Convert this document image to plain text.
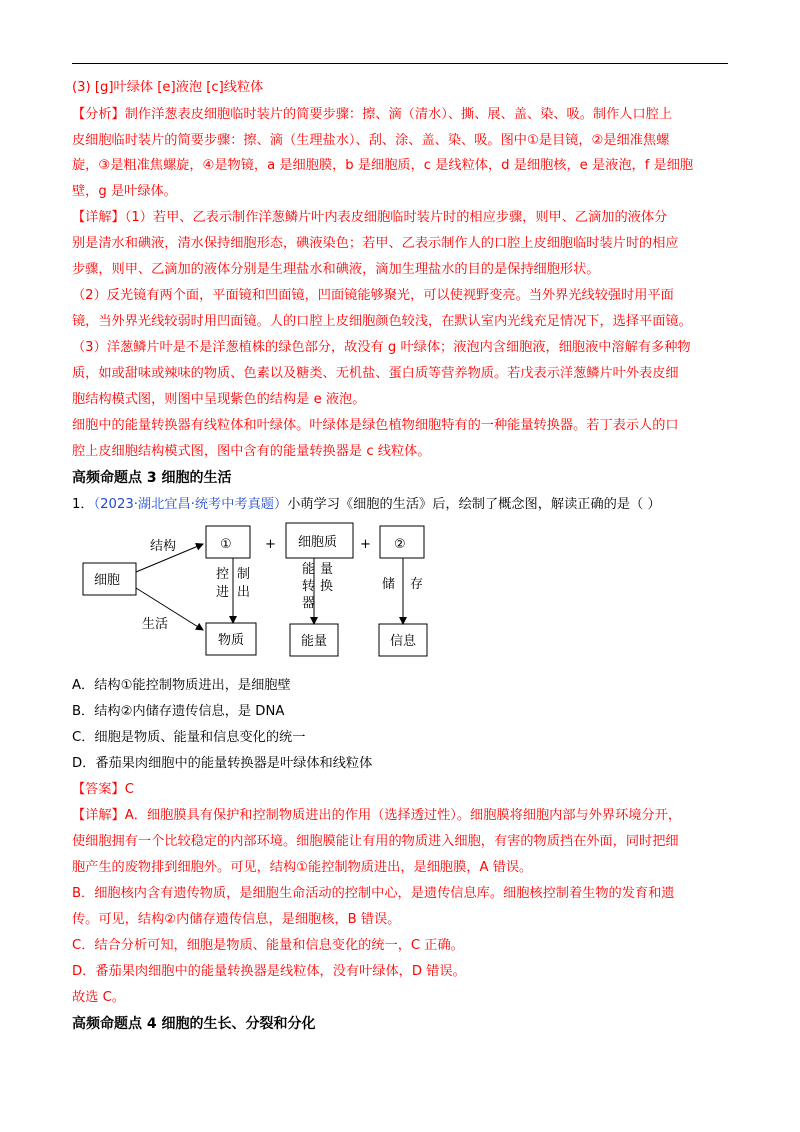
(3) [g]叶绿体 [e]液泡 [c]线粒体
【分析】制作洋葱表皮细胞临时装片的简要步骤：擦、滴（清水）、撕、展、盖、染、吸。制作人口腔上
皮细胞临时装片的简要步骤：擦、滴（生理盐水）、刮、涂、盖、染、吸。图中①是目镜，②是细准焦螺
旋，③是粗准焦螺旋，④是物镜，a 是细胞膜，b 是细胞质，c 是线粒体，d 是细胞核，e 是液泡，f 是细胞
壁，g 是叶绿体。
【详解】（1）若甲、乙表示制作洋葱鳞片叶内表皮细胞临时装片时的相应步骤，则甲、乙滴加的液体分
别是清水和碘液，清水保持细胞形态，碘液染色；若甲、乙表示制作人的口腔上皮细胞临时装片时的相应
步骤，则甲、乙滴加的液体分别是生理盐水和碘液，滴加生理盐水的目的是保持细胞形状。
（2）反光镜有两个面，平面镜和凹面镜，凹面镜能够聚光，可以使视野变亮。当外界光线较强时用平面
镜，当外界光线较弱时用凹面镜。人的口腔上皮细胞颜色较浅，在默认室内光线充足情况下，选择平面镜。
（3）洋葱鳞片叶是不是洋葱植株的绿色部分，故没有 g 叶绿体；液泡内含细胞液，细胞液中溶解有多种物
质，如或甜味或辣味的物质、色素以及糖类、无机盐、蛋白质等营养物质。若戊表示洋葱鳞片叶外表皮细
胞结构模式图，则图中呈现紫色的结构是 e 液泡。
细胞中的能量转换器有线粒体和叶绿体。叶绿体是绿色植物细胞特有的一种能量转换器。若丁表示人的口
腔上皮细胞结构模式图，图中含有的能量转换器是 c 线粒体。
高频命题点 3 细胞的生活
1．（2023·湖北宜昌·统考中考真题）小萌学习《细胞的生活》后，绘制了概念图，解读正确的是（ ）
细胞
结构
生活
①	+ 细胞质 + ②
控 制
进 出
能 量
转 换
器
储 存
物质	能量	信息
A．结构①能控制物质进出，是细胞壁
B．结构②内储存遗传信息，是 DNA
C．细胞是物质、能量和信息变化的统一
D．番茄果肉细胞中的能量转换器是叶绿体和线粒体
【答案】C
【详解】A．细胞膜具有保护和控制物质进出的作用（选择透过性）。细胞膜将细胞内部与外界环境分开，
使细胞拥有一个比较稳定的内部环境。细胞膜能让有用的物质进入细胞，有害的物质挡在外面，同时把细
胞产生的废物排到细胞外。可见，结构①能控制物质进出，是细胞膜，A 错误。
B．细胞核内含有遗传物质，是细胞生命活动的控制中心，是遗传信息库。细胞核控制着生物的发育和遗
传。可见，结构②内储存遗传信息，是细胞核，B 错误。
C．结合分析可知，细胞是物质、能量和信息变化的统一，C 正确。
D．番茄果肉细胞中的能量转换器是线粒体，没有叶绿体，D 错误。
故选 C。
高频命题点 4 细胞的生长、分裂和分化
